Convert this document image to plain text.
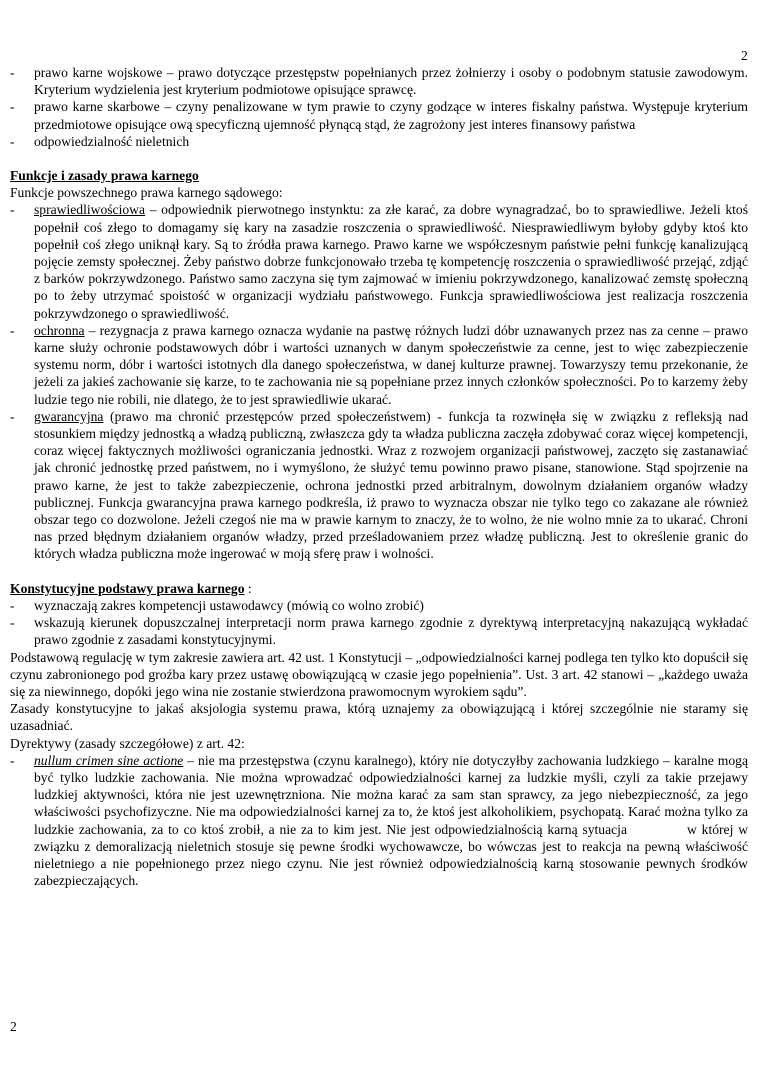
2
- prawo karne wojskowe – prawo dotyczące przestępstw popełnianych przez żołnierzy i osoby o podobnym statusie zawodowym. Kryterium wydzielenia jest kryterium podmiotowe opisujące sprawcę.
- prawo karne skarbowe – czyny penalizowane w tym prawie to czyny godzące w interes fiskalny państwa. Występuje kryterium przedmiotowe opisujące ową specyficzną ujemność płynącą stąd, że zagrożony jest interes finansowy państwa
- odpowiedzialność nieletnich
Funkcje i zasady prawa karnego
Funkcje powszechnego prawa karnego sądowego:
- sprawiedliwościowa – odpowiednik pierwotnego instynktu: za złe karać, za dobre wynagradzać, bo to sprawiedliwe. Jeżeli ktoś popełnił coś złego to domagamy się kary na zasadzie roszczenia o sprawiedliwość. Niesprawiedliwym byłoby gdyby ktoś kto popełnił coś złego uniknął kary. Są to źródła prawa karnego. Prawo karne we współczesnym państwie pełni funkcję kanalizującą pojęcie zemsty społecznej. Żeby państwo dobrze funkcjonowało trzeba tę kompetencję roszczenia o sprawiedliwość przejąć, zdjąć z barków pokrzywdzonego. Państwo samo zaczyna się tym zajmować w imieniu pokrzywdzonego, kanalizować zemstę społeczną po to żeby utrzymać spoistość w organizacji wydziału państwowego. Funkcja sprawiedliwościowa jest realizacja roszczenia pokrzywdzonego o sprawiedliwość.
- ochronna – rezygnacja z prawa karnego oznacza wydanie na pastwę różnych ludzi dóbr uznawanych przez nas za cenne – prawo karne służy ochronie podstawowych dóbr i wartości uznanych w danym społeczeństwie za cenne, jest to więc zabezpieczenie systemu norm, dóbr i wartości istotnych dla danego społeczeństwa, w danej kulturze prawnej. Towarzyszy temu przekonanie, że jeżeli za jakieś zachowanie się karze, to te zachowania nie są popełniane przez innych członków społeczności. Po to karzemy żeby ludzie tego nie robili, nie dlatego, że to jest sprawiedliwie ukarać.
- gwarancyjna (prawo ma chronić przestępców przed społeczeństwem) - funkcja ta rozwinęła się w związku z refleksją nad stosunkiem między jednostką a władzą publiczną, zwłaszcza gdy ta władza publiczna zaczęła zdobywać coraz więcej kompetencji, coraz więcej faktycznych możliwości ograniczania jednostki. Wraz z rozwojem organizacji państwowej, zaczęto się zastanawiać jak chronić jednostkę przed państwem, no i wymyślono, że służyć temu powinno prawo pisane, stanowione. Stąd spojrzenie na prawo karne, że jest to także zabezpieczenie, ochrona jednostki przed arbitralnym, dowolnym działaniem organów władzy publicznej. Funkcja gwarancyjna prawa karnego podkreśla, iż prawo to wyznacza obszar nie tylko tego co zakazane ale również obszar tego co dozwolone. Jeżeli czegoś nie ma w prawie karnym to znaczy, że to wolno, że nie wolno mnie za to ukarać. Chroni nas przed błędnym działaniem organów władzy, przed prześladowaniem przez władzę publiczną. Jest to określenie granic do których władza publiczna może ingerować w moją sferę praw i wolności.
Konstytucyjne podstawy prawa karnego :
- wyznaczają zakres kompetencji ustawodawcy (mówią co wolno zrobić)
- wskazują kierunek dopuszczalnej interpretacji norm prawa karnego zgodnie z dyrektywą interpretacyjną nakazującą wykładać prawo zgodnie z zasadami konstytucyjnymi.
Podstawową regulację w tym zakresie zawiera art. 42 ust. 1 Konstytucji – „odpowiedzialności karnej podlega ten tylko kto dopuścił się czynu zabronionego pod groźba kary przez ustawę obowiązującą w czasie jego popełnienia”. Ust. 3 art. 42 stanowi – „każdego uważa się za niewinnego, dopóki jego wina nie zostanie stwierdzona prawomocnym wyrokiem sądu”.
Zasady konstytucyjne to jakaś aksjologia systemu prawa, którą uznajemy za obowiązującą i której szczególnie nie staramy się uzasadniać.
Dyrektywy (zasady szczegółowe) z art. 42:
- nullum crimen sine actione – nie ma przestępstwa (czynu karalnego), który nie dotyczyłby zachowania ludzkiego – karalne mogą być tylko ludzkie zachowania. Nie można wprowadzać odpowiedzialności karnej za ludzkie myśli, czyli za takie przejawy ludzkiej aktywności, która nie jest uzewnętrzniona. Nie można karać za sam stan sprawcy, za jego niebezpieczność, za jego właściwości psychofizyczne. Nie ma odpowiedzialności karnej za to, że ktoś jest alkoholikiem, psychopatą. Karać można tylko za ludzkie zachowania, za to co ktoś zrobił, a nie za to kim jest. Nie jest odpowiedzialnością karną sytuacja	w której w związku z demoralizacją nieletnich stosuje się pewne środki wychowawcze, bo wówczas jest to reakcja na pewną właściwość nieletniego a nie popełnionego przez niego czynu. Nie jest również odpowiedzialnością karną stosowanie pewnych środków zabezpieczających.
2
